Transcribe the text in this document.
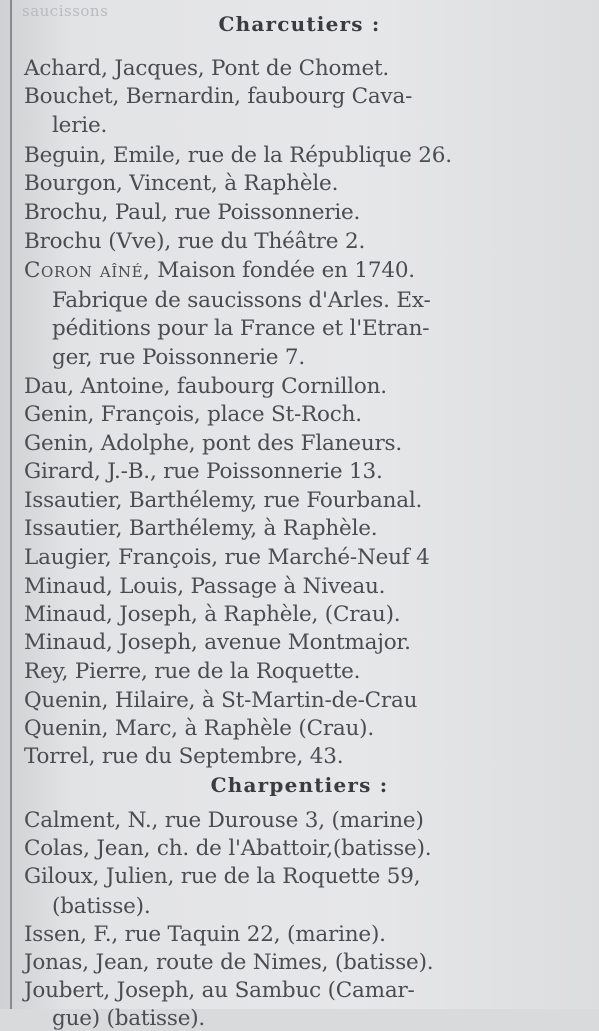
saucissons
Charcutiers :
Achard, Jacques, Pont de Chomet.
Bouchet, Bernardin, faubourg Cava-
lerie.
Beguin, Emile, rue de la République 26.
Bourgon, Vincent, à Raphèle.
Brochu, Paul, rue Poissonnerie.
Brochu (Vve), rue du Théâtre 2.
Coron aîné, Maison fondée en 1740.
Fabrique de saucissons d'Arles. Ex-
péditions pour la France et l'Etran-
ger, rue Poissonnerie 7.
Dau, Antoine, faubourg Cornillon.
Genin, François, place St-Roch.
Genin, Adolphe, pont des Flaneurs.
Girard, J.-B., rue Poissonnerie 13.
Issautier, Barthélemy, rue Fourbanal.
Issautier, Barthélemy, à Raphèle.
Laugier, François, rue Marché-Neuf 4
Minaud, Louis, Passage à Niveau.
Minaud, Joseph, à Raphèle, (Crau).
Minaud, Joseph, avenue Montmajor.
Rey, Pierre, rue de la Roquette.
Quenin, Hilaire, à St-Martin-de-Crau
Quenin, Marc, à Raphèle (Crau).
Torrel, rue du Septembre, 43.
Charpentiers :
Calment, N., rue Durouse 3, (marine)
Colas, Jean, ch. de l'Abattoir,(batisse).
Giloux, Julien, rue de la Roquette 59,
(batisse).
Issen, F., rue Taquin 22, (marine).
Jonas, Jean, route de Nimes, (batisse).
Joubert, Joseph, au Sambuc (Camar-
gue) (batisse).
